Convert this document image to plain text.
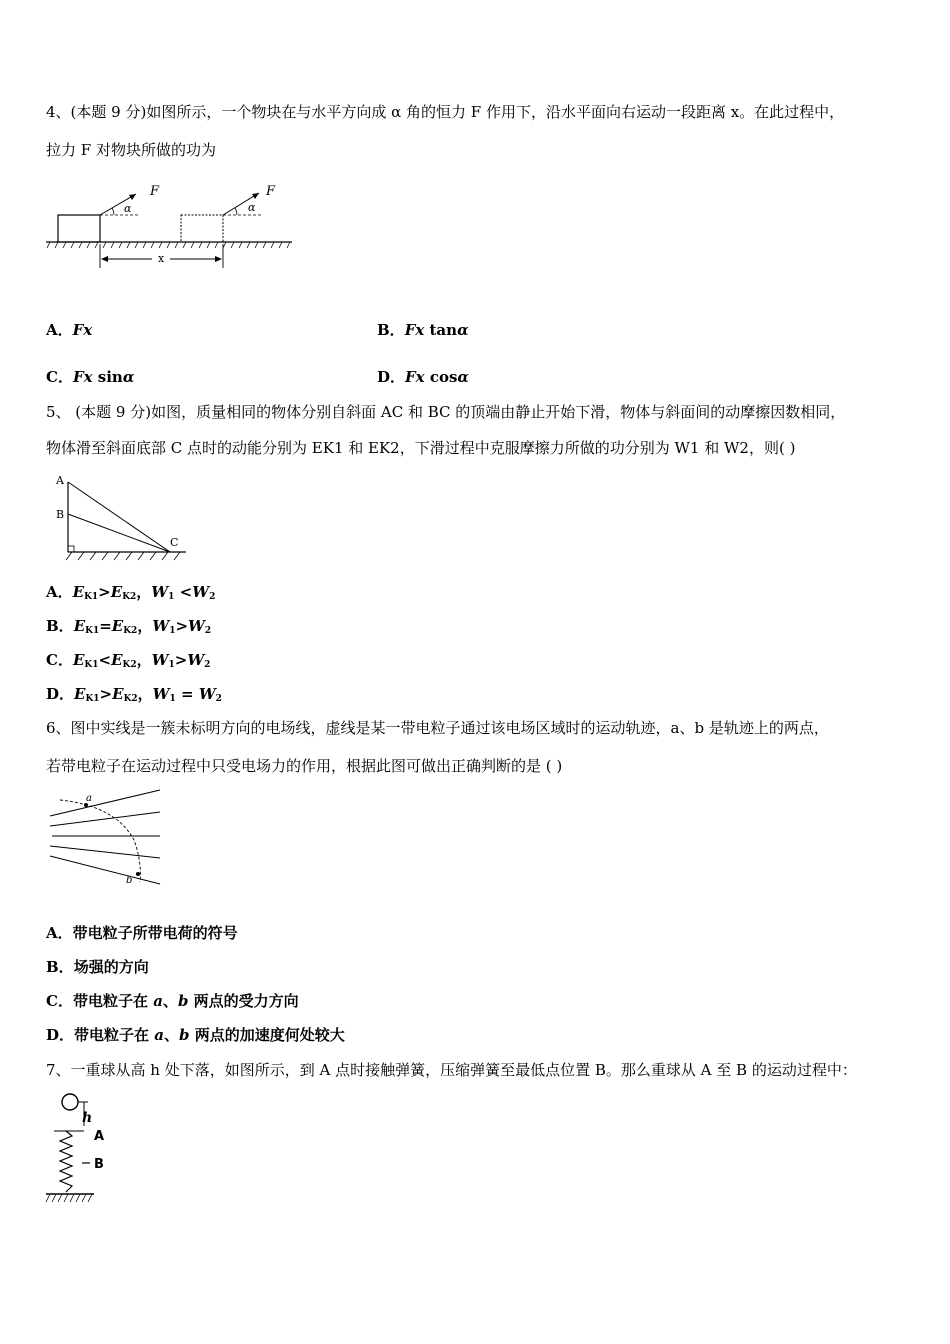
4、(本题 9 分)如图所示，一个物块在与水平方向成 α 角的恒力 F 作用下，沿水平面向右运动一段距离 x。在此过程中，
拉力 F 对物块所做的功为
α
F
α
F
x
A．Fx	B．Fx tanα
C．Fx sinα	D．Fx cosα
5、 (本题 9 分)如图，质量相同的物体分别自斜面 AC 和 BC 的顶端由静止开始下滑，物体与斜面间的动摩擦因数相同，
物体滑至斜面底部 C 点时的动能分别为 EK1 和 EK2，下滑过程中克服摩擦力所做的功分别为 W1 和 W2，则( )
A
B
C
A．$E_{K1}>E_{K2}$，$W_1 <W_2$
B．$E_{K1}=E_{K2}$，$W_1>W_2$
C．$E_{K1}<E_{K2}$，$W_1>W_2$
D．$E_{K1}>E_{K2}$，$W_1 = W_2$
6、图中实线是一簇未标明方向的电场线，虚线是某一带电粒子通过该电场区域时的运动轨迹，a、b 是轨迹上的两点，
若带电粒子在运动过程中只受电场力的作用，根据此图可做出正确判断的是 ( )
a
b
A．带电粒子所带电荷的符号
B．场强的方向
C．带电粒子在 a、b 两点的受力方向
D．带电粒子在 a、b 两点的加速度何处较大
7、一重球从高 h 处下落，如图所示，到 A 点时接触弹簧，压缩弹簧至最低点位置 B。那么重球从 A 至 B 的运动过程中：
h
A
B
